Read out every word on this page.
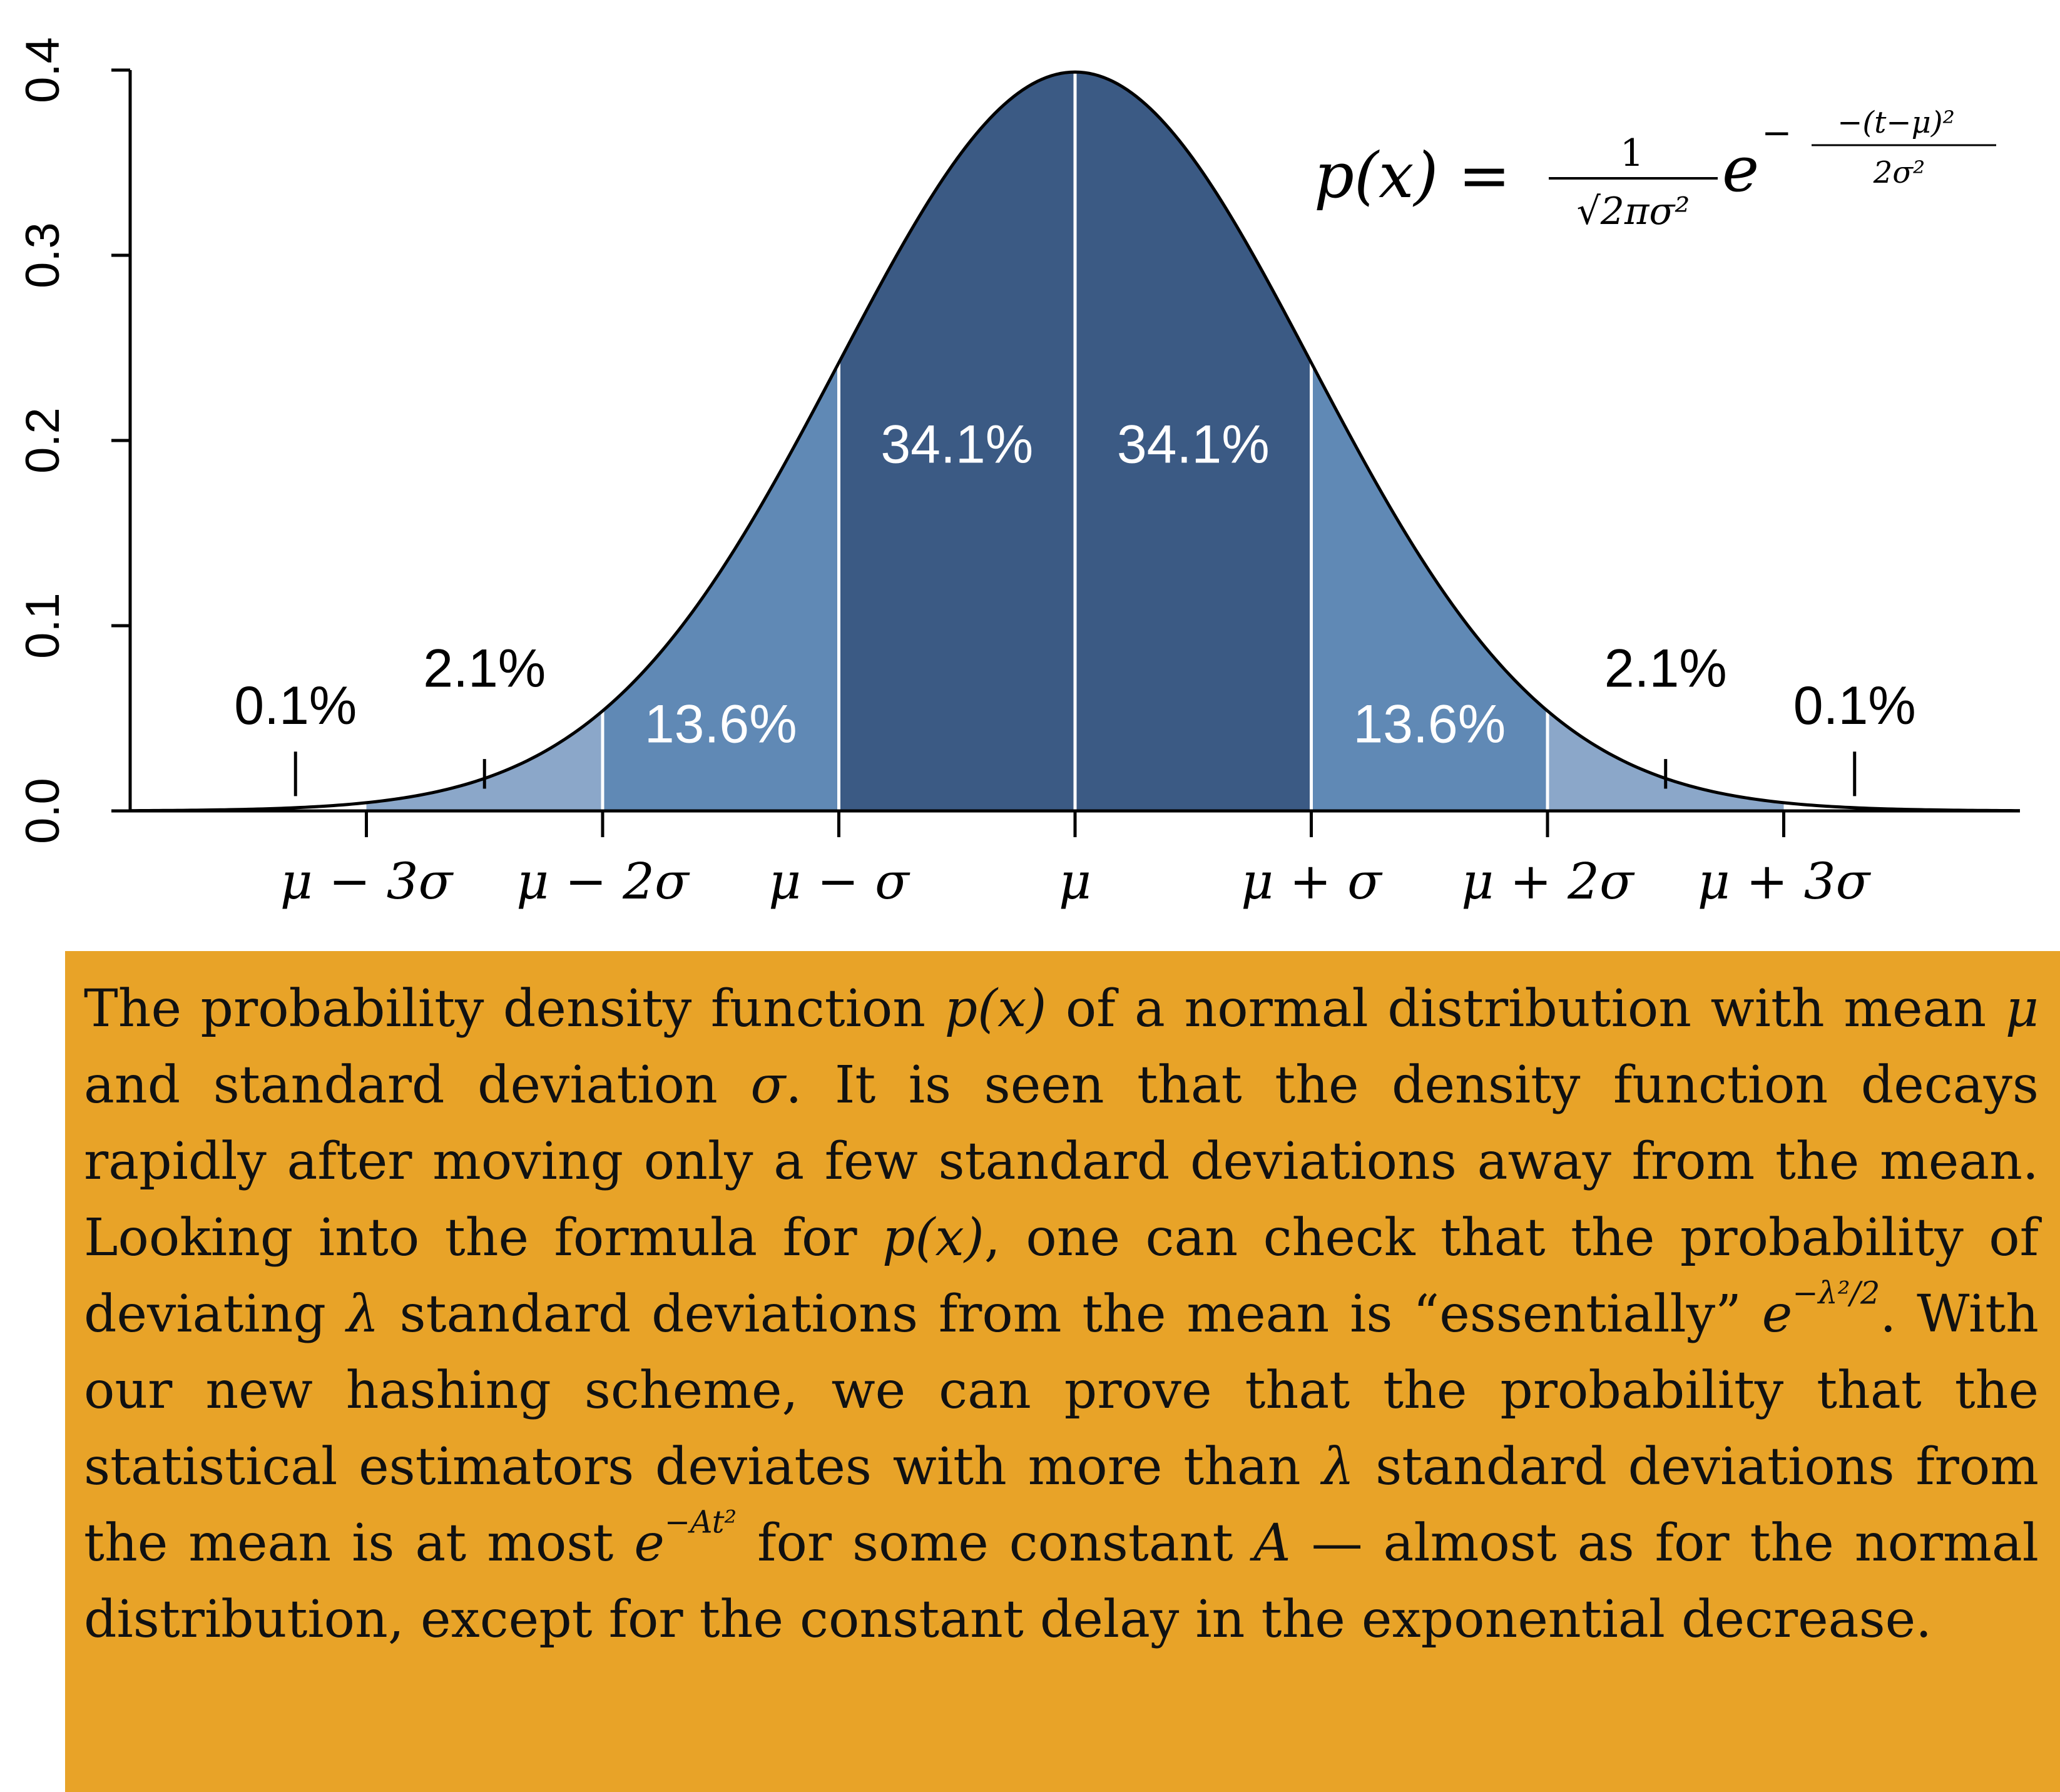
0.0
0.1
0.2
0.3
0.4
μ − 3σ μ − 2σ μ − σ	μ	μ + σ μ + 2σ μ + 3σ
34.1% 34.1%
13.6%	13.6%
2.1%	2.1%
0.1%	0.1%
p(x) =	1
√2πσ²
e − −(t−μ)²
2σ²

The probability density function p(x) of a normal distribution with mean μ and standard deviation σ. It is seen that the density function decays rapidly after moving only a few standard deviations away from the mean. Looking into the formula for p(x), one can check that the probability of deviating λ standard deviations from the mean is “essentially” $e^{-\lambda^2/2}$. With our new hashing scheme, we can prove that the probability that the statistical estimators deviates with more than λ standard deviations from the mean is at most $e^{-At^2}$ for some constant A — almost as for the normal distribution, except for the constant delay in the exponential decrease.
